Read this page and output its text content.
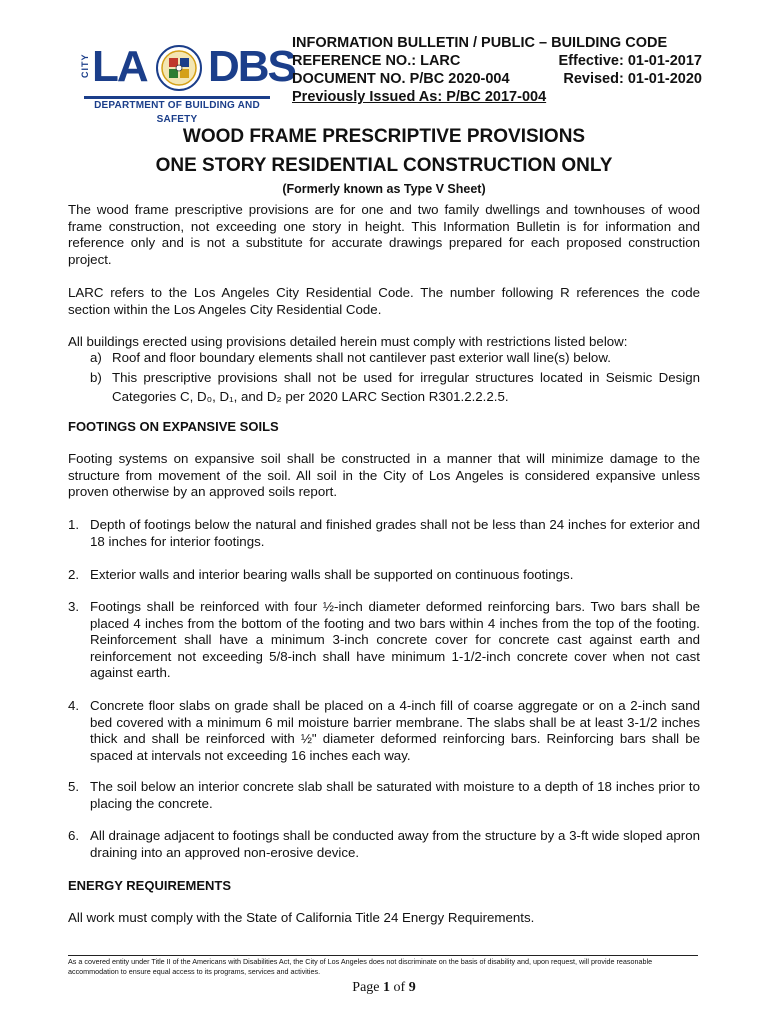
CITY LA DBS
DEPARTMENT OF BUILDING AND SAFETY
INFORMATION BULLETIN / PUBLIC – BUILDING CODE
REFERENCE NO.: LARC	Effective: 01-01-2017
DOCUMENT NO. P/BC 2020-004	Revised: 01-01-2020
Previously Issued As: P/BC 2017-004
WOOD FRAME PRESCRIPTIVE PROVISIONS
ONE STORY RESIDENTIAL CONSTRUCTION ONLY
(Formerly known as Type V Sheet)
The wood frame prescriptive provisions are for one and two family dwellings and townhouses of wood frame construction, not exceeding one story in height. This Information Bulletin is for information and reference only and is not a substitute for accurate drawings prepared for each proposed construction project.
LARC refers to the Los Angeles City Residential Code. The number following R references the code section within the Los Angeles City Residential Code.
All buildings erected using provisions detailed herein must comply with restrictions listed below:
a) Roof and floor boundary elements shall not cantilever past exterior wall line(s) below.
b) This prescriptive provisions shall not be used for irregular structures located in Seismic Design Categories C, D₀, D₁, and D₂ per 2020 LARC Section R301.2.2.2.5.
FOOTINGS ON EXPANSIVE SOILS
Footing systems on expansive soil shall be constructed in a manner that will minimize damage to the structure from movement of the soil. All soil in the City of Los Angeles is considered expansive unless proven otherwise by an approved soils report.
1. Depth of footings below the natural and finished grades shall not be less than 24 inches for exterior and 18 inches for interior footings.
2. Exterior walls and interior bearing walls shall be supported on continuous footings.
3. Footings shall be reinforced with four ½-inch diameter deformed reinforcing bars. Two bars shall be placed 4 inches from the bottom of the footing and two bars within 4 inches from the top of the footing. Reinforcement shall have a minimum 3-inch concrete cover for concrete cast against earth and reinforcement not exceeding 5/8-inch shall have minimum 1-1/2-inch concrete cover when not cast against earth.
4. Concrete floor slabs on grade shall be placed on a 4-inch fill of coarse aggregate or on a 2-inch sand bed covered with a minimum 6 mil moisture barrier membrane. The slabs shall be at least 3-1/2 inches thick and shall be reinforced with ½" diameter deformed reinforcing bars. Reinforcing bars shall be spaced at intervals not exceeding 16 inches each way.
5. The soil below an interior concrete slab shall be saturated with moisture to a depth of 18 inches prior to placing the concrete.
6. All drainage adjacent to footings shall be conducted away from the structure by a 3-ft wide sloped apron draining into an approved non-erosive device.
ENERGY REQUIREMENTS
All work must comply with the State of California Title 24 Energy Requirements.
As a covered entity under Title II of the Americans with Disabilities Act, the City of Los Angeles does not discriminate on the basis of disability and, upon request, will provide reasonable accommodation to ensure equal access to its programs, services and activities.
Page 1 of 9
